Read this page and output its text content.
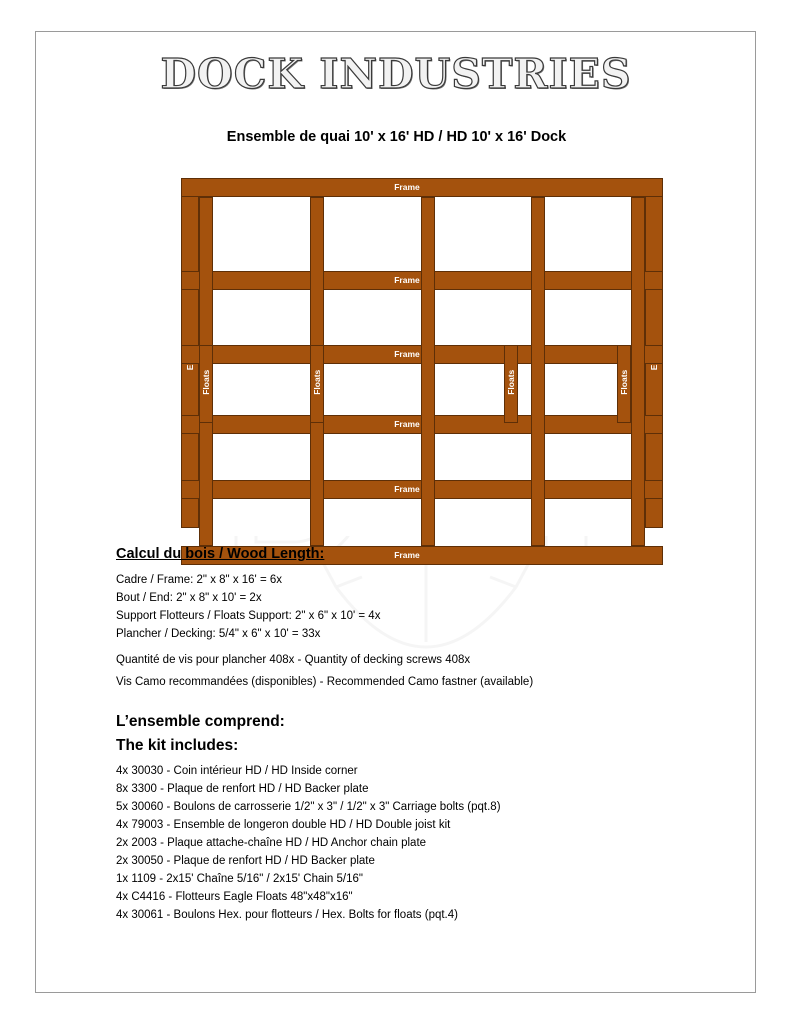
DOCK INDUSTRIES
Ensemble de quai 10' x 16' HD / HD 10' x 16' Dock
Frame
Frame
Frame
Frame
Frame
Frame
Floats	Floats	Floats	Floats
Calcul du bois / Wood Length:
Cadre / Frame: 2" x 8" x 16' = 6x
Bout / End: 2" x 8" x 10' = 2x
Support Flotteurs / Floats Support: 2" x 6" x 10' = 4x
Plancher / Decking: 5/4" x 6" x 10' = 33x
Quantité de vis pour plancher 408x - Quantity of decking screws 408x
Vis Camo recommandées (disponibles) - Recommended Camo fastner (available)
L’ensemble comprend:
The kit includes:
4x 30030 - Coin intérieur HD / HD Inside corner
8x 3300 - Plaque de renfort HD / HD Backer plate
5x 30060 - Boulons de carrosserie 1/2" x 3" / 1/2" x 3" Carriage bolts (pqt.8)
4x 79003 - Ensemble de longeron double HD / HD Double joist kit
2x 2003 - Plaque attache-chaîne HD / HD Anchor chain plate
2x 30050 - Plaque de renfort HD / HD Backer plate
1x 1109 - 2x15' Chaîne 5/16" / 2x15' Chain 5/16"
4x C4416 - Flotteurs Eagle Floats 48"x48"x16"
4x 30061 - Boulons Hex. pour flotteurs / Hex. Bolts for floats (pqt.4)
